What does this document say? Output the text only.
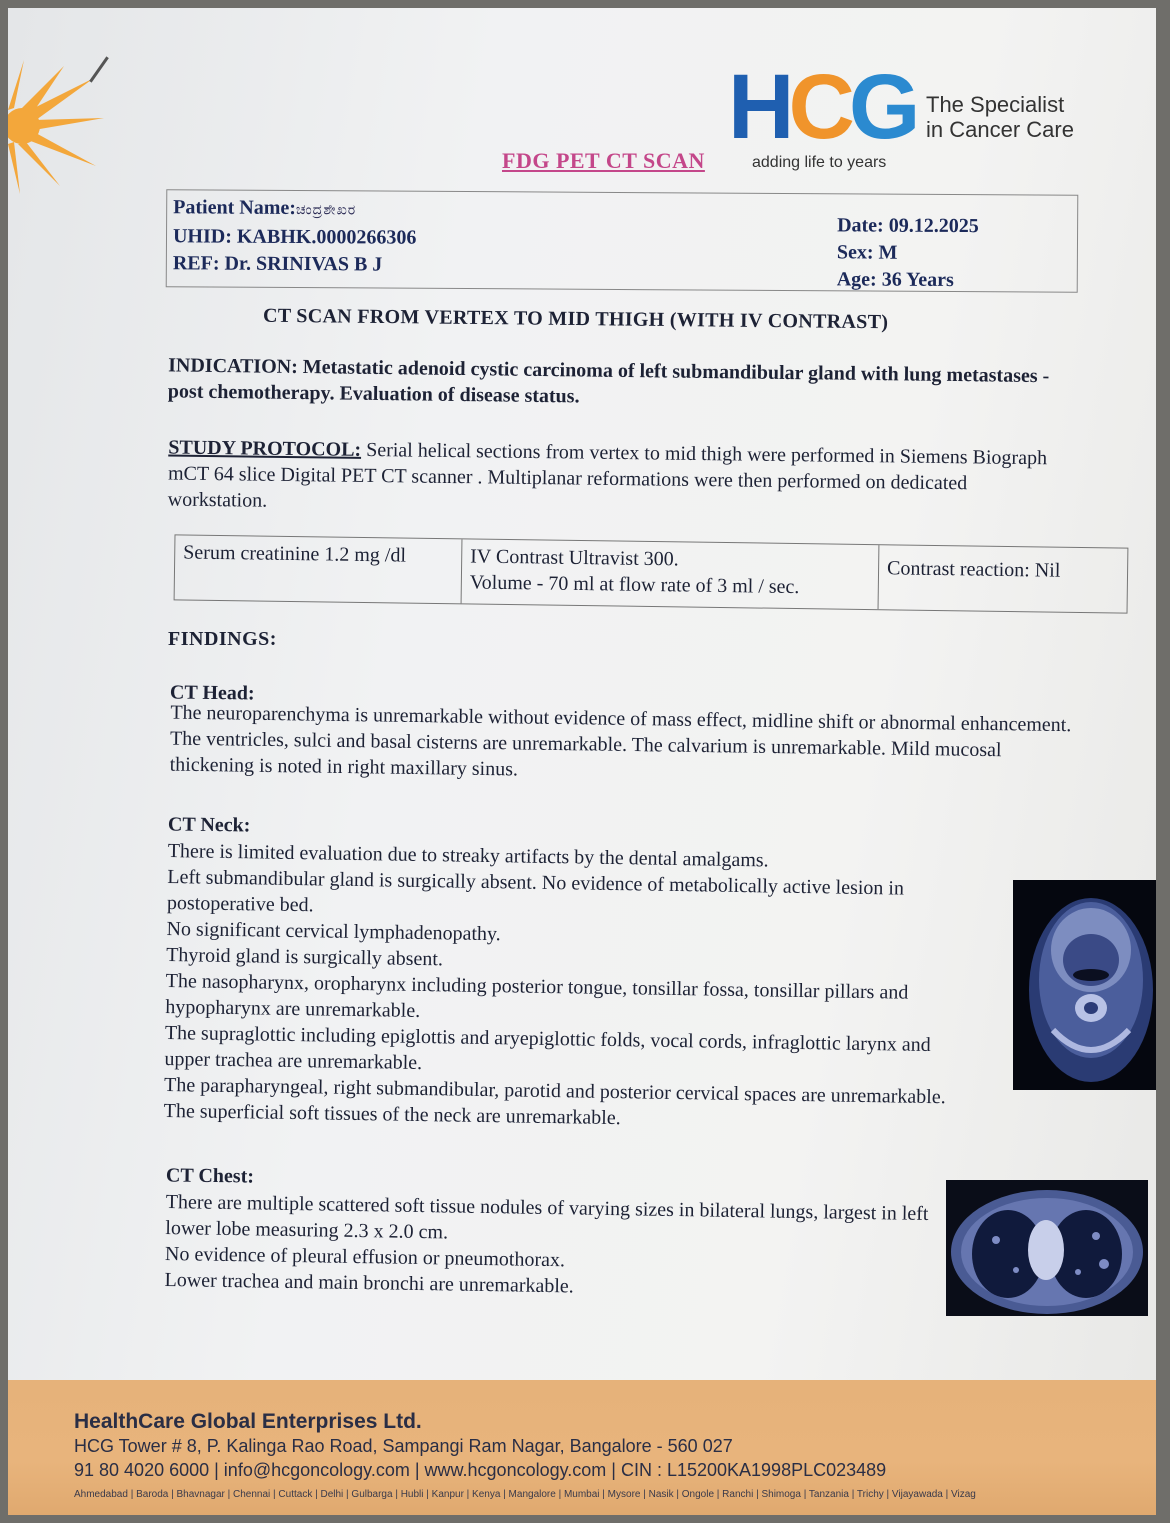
H C G The Specialist
in Cancer Care
adding life to years
FDG PET CT SCAN
Patient Name:ಚಂದ್ರಶೇಖರ
UHID: KABHK.0000266306
REF: Dr. SRINIVAS B J
Date: 09.12.2025
Sex: M
Age: 36 Years
CT SCAN FROM VERTEX TO MID THIGH (WITH IV CONTRAST)
INDICATION: Metastatic adenoid cystic carcinoma of left submandibular gland with lung metastases - post chemotherapy. Evaluation of disease status.
STUDY PROTOCOL: Serial helical sections from vertex to mid thigh were performed in Siemens Biograph mCT 64 slice Digital PET CT scanner . Multiplanar reformations were then performed on dedicated workstation.
Serum creatinine 1.2 mg /dl	IV Contrast Ultravist 300.
Volume - 70 ml at flow rate of 3 ml / sec.
Contrast reaction: Nil
FINDINGS:
CT Head:
The neuroparenchyma is unremarkable without evidence of mass effect, midline shift or abnormal enhancement. The ventricles, sulci and basal cisterns are unremarkable. The calvarium is unremarkable. Mild mucosal thickening is noted in right maxillary sinus.
CT Neck:
There is limited evaluation due to streaky artifacts by the dental amalgams.
Left submandibular gland is surgically absent. No evidence of metabolically active lesion in postoperative bed.
No significant cervical lymphadenopathy.
Thyroid gland is surgically absent.
The nasopharynx, oropharynx including posterior tongue, tonsillar fossa, tonsillar pillars and hypopharynx are unremarkable.
The supraglottic including epiglottis and aryepiglottic folds, vocal cords, infraglottic larynx and upper trachea are unremarkable.
The parapharyngeal, right submandibular, parotid and posterior cervical spaces are unremarkable.
The superficial soft tissues of the neck are unremarkable.
CT Chest:
There are multiple scattered soft tissue nodules of varying sizes in bilateral lungs, largest in left lower lobe measuring 2.3 x 2.0 cm.
No evidence of pleural effusion or pneumothorax.
Lower trachea and main bronchi are unremarkable.
HealthCare Global Enterprises Ltd.
HCG Tower # 8, P. Kalinga Rao Road, Sampangi Ram Nagar, Bangalore - 560 027
91 80 4020 6000 | info@hcgoncology.com | www.hcgoncology.com | CIN : L15200KA1998PLC023489
Ahmedabad | Baroda | Bhavnagar | Chennai | Cuttack | Delhi | Gulbarga | Hubli | Kanpur | Kenya | Mangalore | Mumbai | Mysore | Nasik | Ongole | Ranchi | Shimoga | Tanzania | Trichy | Vijayawada | Vizag
